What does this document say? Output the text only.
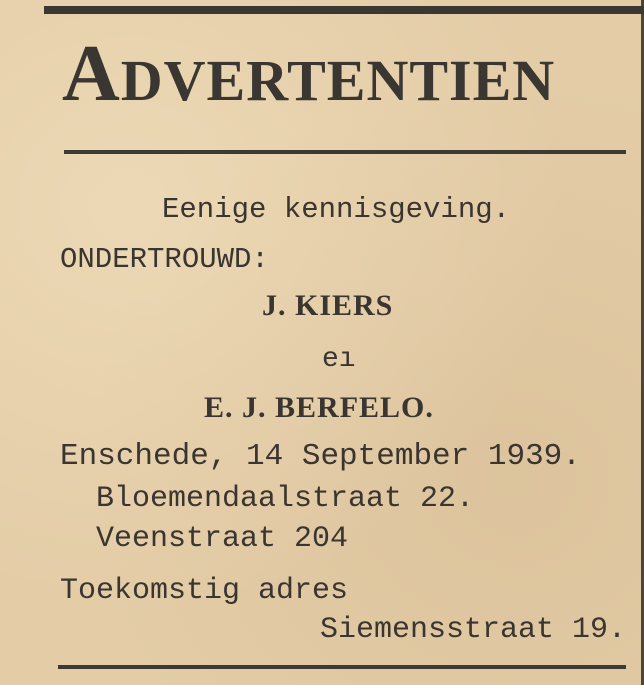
ADVERTENTIEN
Eenige kennisgeving.
ONDERTROUWD:
J. KIERS
eı
E. J. BERFELO.
Enschede, 14 September 1939.
Bloemendaalstraat 22.
Veenstraat 204
Toekomstig adres
Siemensstraat 19.
